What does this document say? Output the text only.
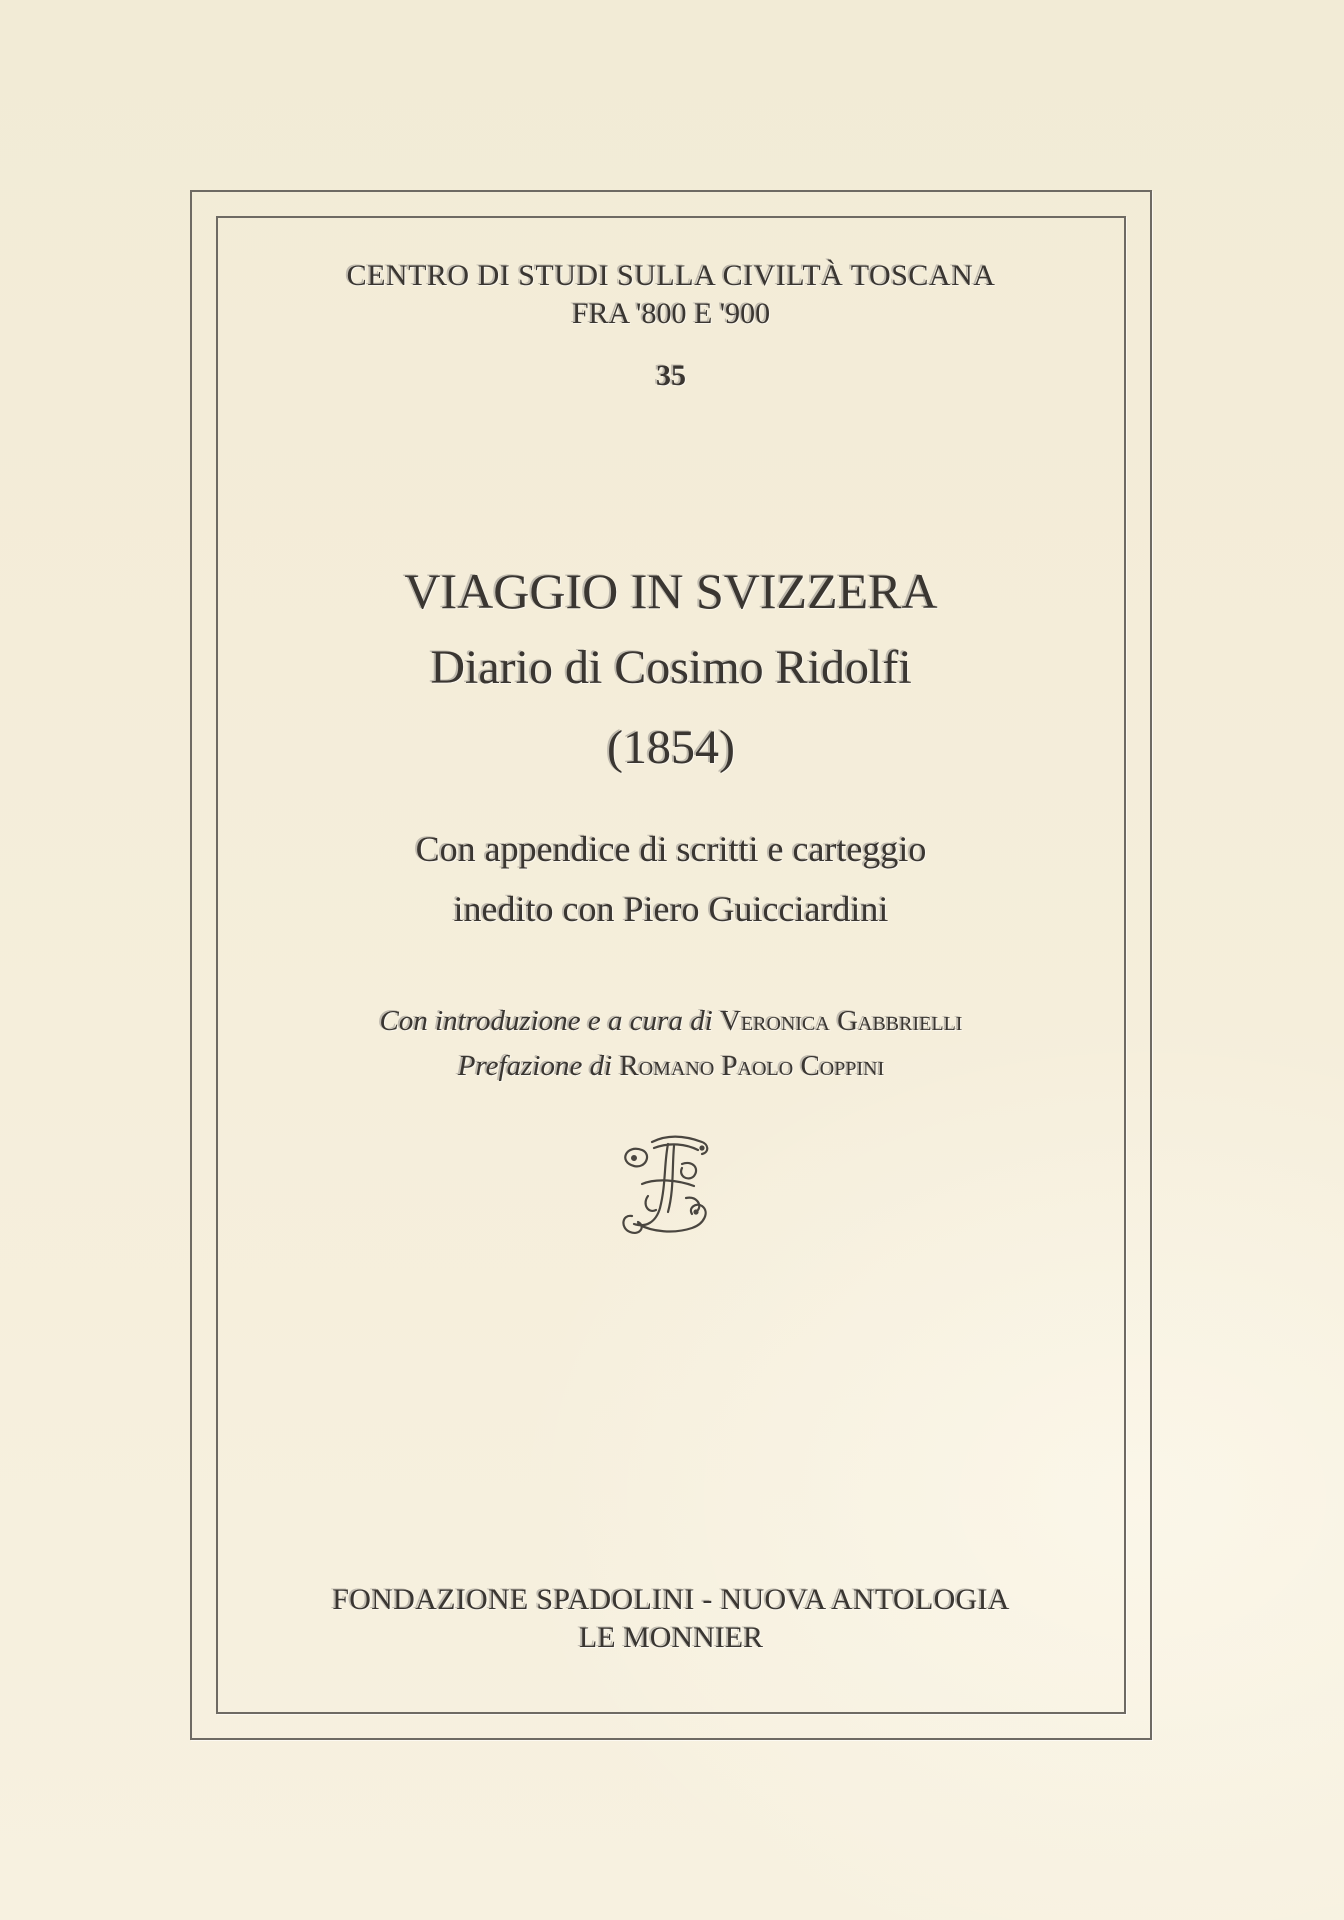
CENTRO DI STUDI SULLA CIVILTÀ TOSCANA
FRA '800 E '900
35
VIAGGIO IN SVIZZERA
Diario di Cosimo Ridolfi
(1854)
Con appendice di scritti e carteggio
inedito con Piero Guicciardini
Con introduzione e a cura di Veronica Gabbrielli
Prefazione di Romano Paolo Coppini
FONDAZIONE SPADOLINI - NUOVA ANTOLOGIA
LE MONNIER
